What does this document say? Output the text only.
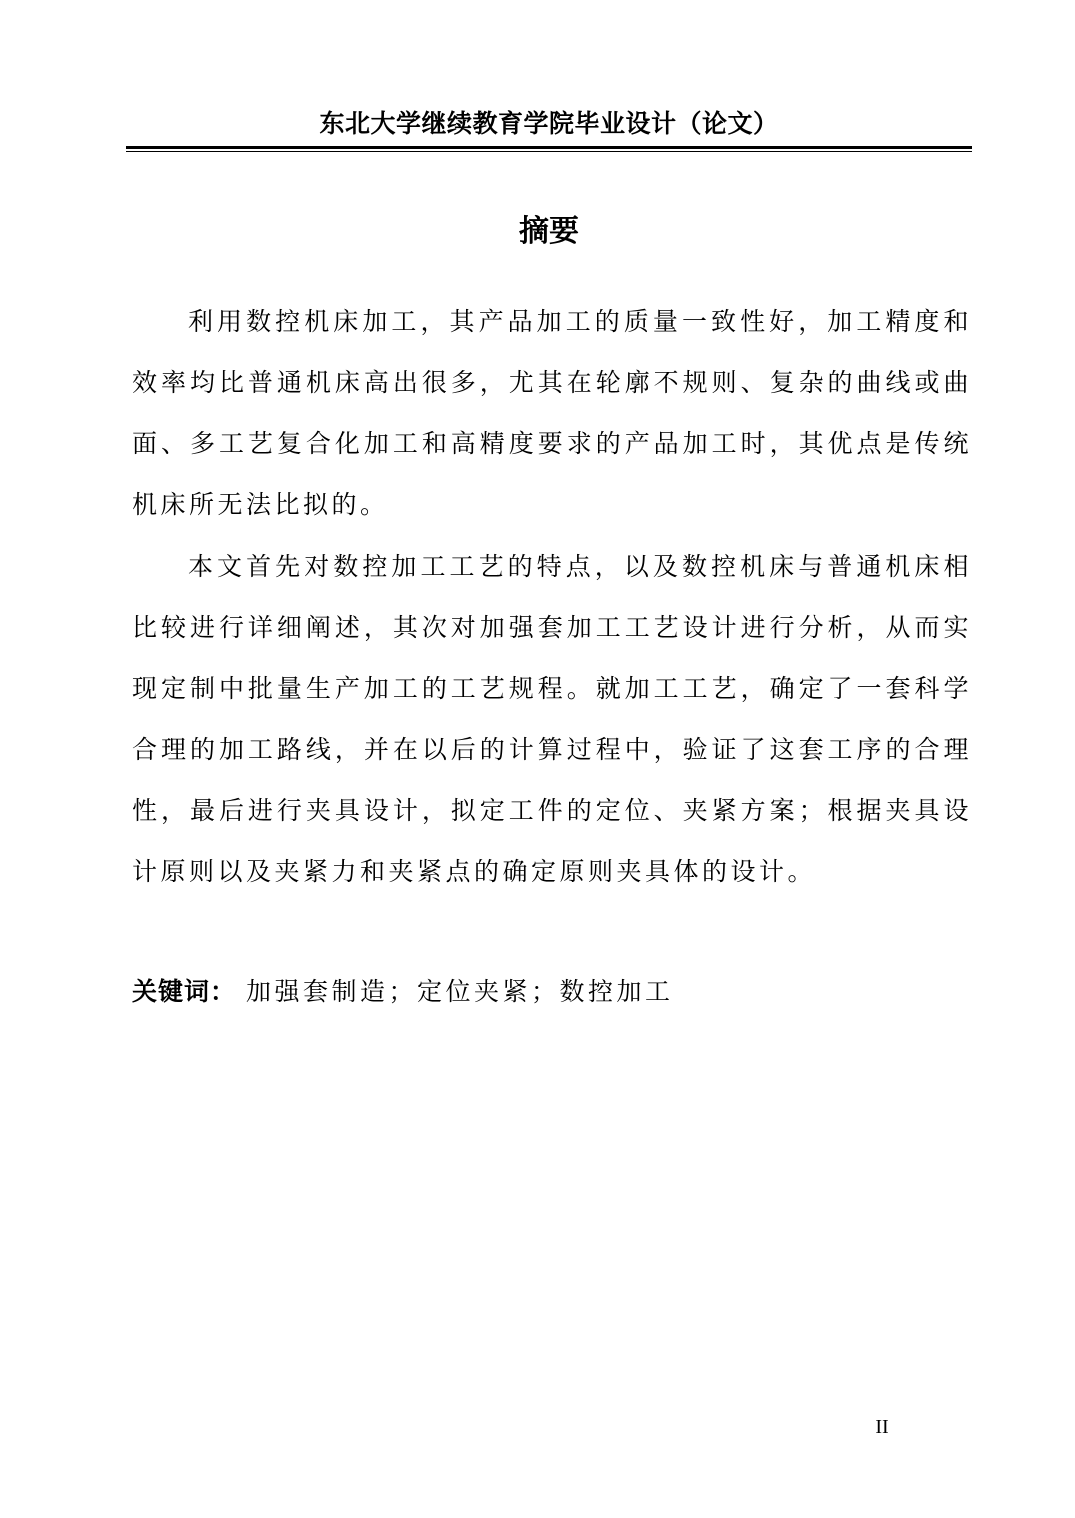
东北大学继续教育学院毕业设计（论文）
摘要
利用数控机床加工，其产品加工的质量一致性好，加工精度和效率均比普通机床高出很多，尤其在轮廓不规则、复杂的曲线或曲面、多工艺复合化加工和高精度要求的产品加工时，其优点是传统机床所无法比拟的。
本文首先对数控加工工艺的特点，以及数控机床与普通机床相比较进行详细阐述，其次对加强套加工工艺设计进行分析，从而实现定制中批量生产加工的工艺规程。就加工工艺，确定了一套科学合理的加工路线，并在以后的计算过程中，验证了这套工序的合理性，最后进行夹具设计，拟定工件的定位、夹紧方案；根据夹具设计原则以及夹紧力和夹紧点的确定原则夹具体的设计。
关键词： 加强套制造；定位夹紧；数控加工
II
